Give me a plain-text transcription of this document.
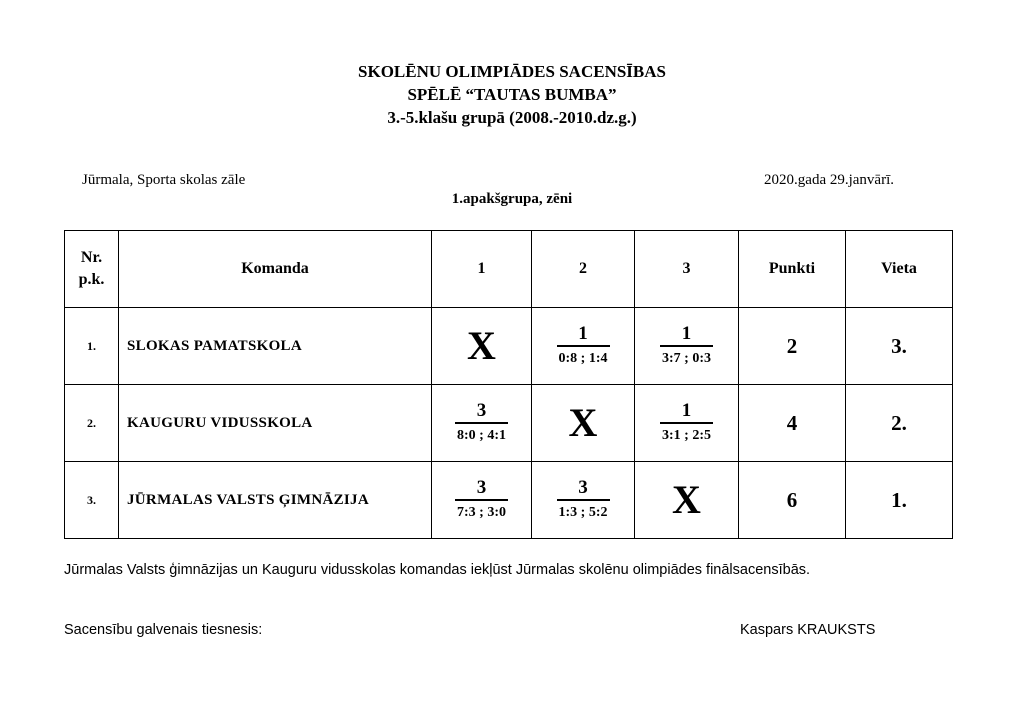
SKOLĒNU OLIMPIĀDES SACENSĪBAS
SPĒLĒ “TAUTAS BUMBA”
3.-5.klašu grupā (2008.-2010.dz.g.)
Jūrmala, Sporta skolas zāle	2020.gada 29.janvārī.
1.apakšgrupa, zēni
Nr. p.k.	Komanda	1	2	3	Punkti	Vieta
1.	SLOKAS PAMATSKOLA	X	$\frac{1}{0:8 ; 1:4}$	$\frac{1}{3:7 ; 0:3}$	2	3.
2.	KAUGURU VIDUSSKOLA	$\frac{3}{8:0 ; 4:1}$	X	$\frac{1}{3:1 ; 2:5}$	4	2.
3.	JŪRMALAS VALSTS ĢIMNĀZIJA	$\frac{3}{7:3 ; 3:0}$	$\frac{3}{1:3 ; 5:2}$	X	6	1.
Jūrmalas Valsts ģimnāzijas un Kauguru vidusskolas komandas iekļūst Jūrmalas skolēnu olimpiādes finālsacensībās.
Sacensību galvenais tiesnesis:	Kaspars KRAUKSTS
